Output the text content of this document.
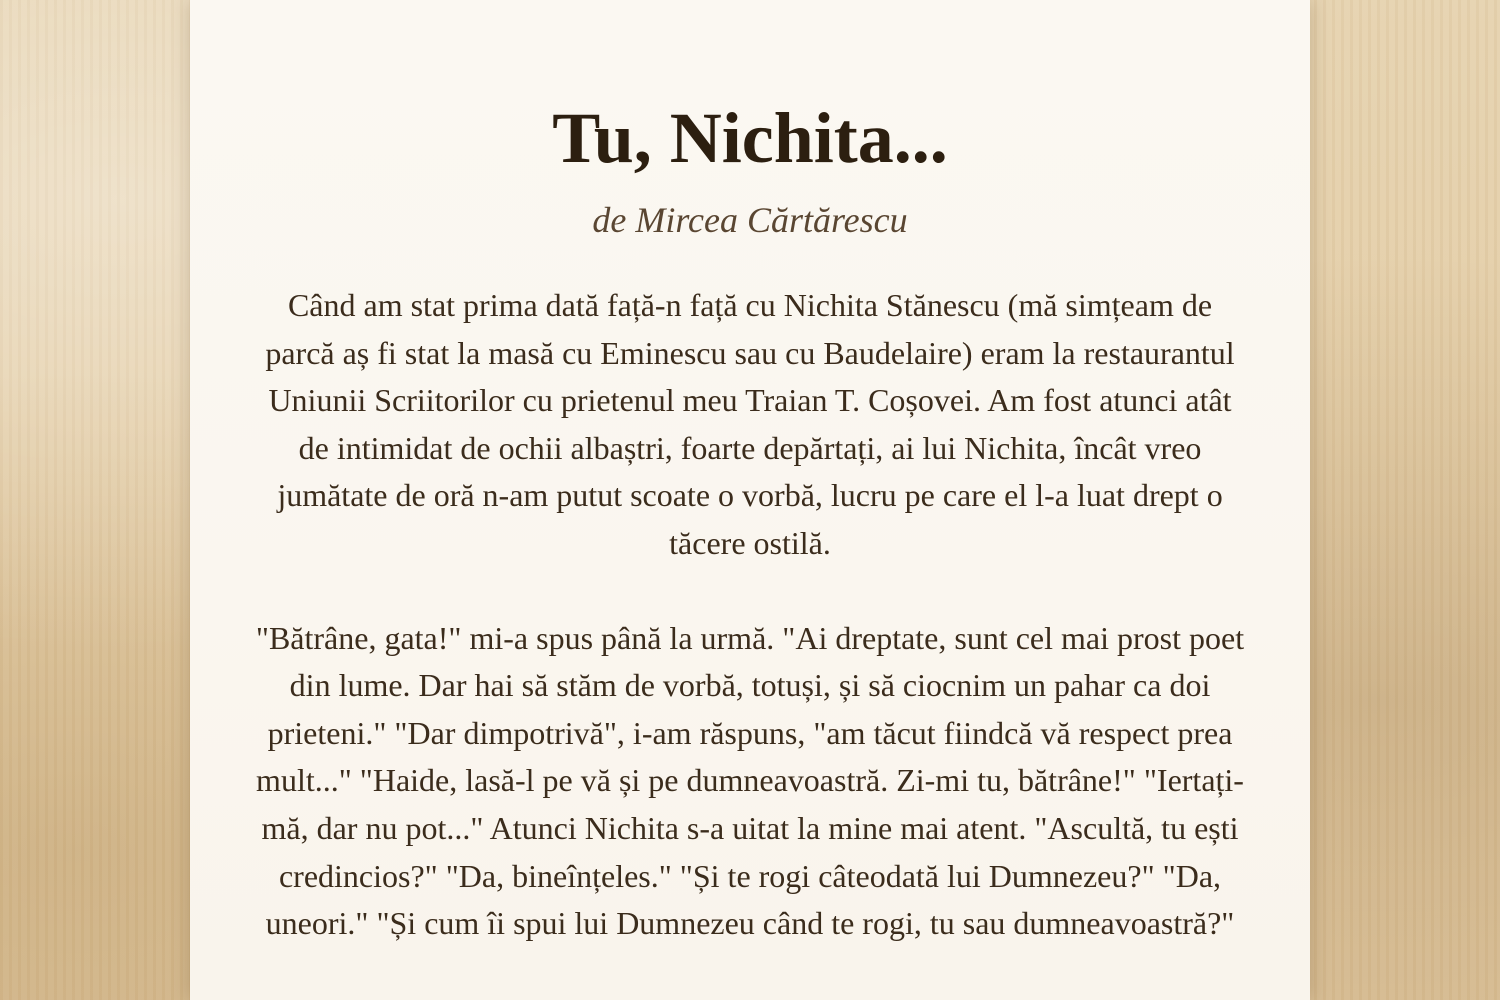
Tu, Nichita...
de Mircea Cărtărescu

Când am stat prima dată față-n față cu Nichita Stănescu (mă simțeam de parcă aș fi stat la masă cu Eminescu sau cu Baudelaire) eram la restaurantul Uniunii Scriitorilor cu prietenul meu Traian T. Coșovei. Am fost atunci atât de intimidat de ochii albaștri, foarte depărtați, ai lui Nichita, încât vreo jumătate de oră n-am putut scoate o vorbă, lucru pe care el l-a luat drept o tăcere ostilă.

"Bătrâne, gata!" mi-a spus până la urmă. "Ai dreptate, sunt cel mai prost poet din lume. Dar hai să stăm de vorbă, totuși, și să ciocnim un pahar ca doi prieteni." "Dar dimpotrivă", i-am răspuns, "am tăcut fiindcă vă respect prea mult..." "Haide, lasă-l pe vă și pe dumneavoastră. Zi-mi tu, bătrâne!" "Iertați-mă, dar nu pot..." Atunci Nichita s-a uitat la mine mai atent. "Ascultă, tu ești credincios?" "Da, bineînțeles." "Și te rogi câteodată lui Dumnezeu?" "Da, uneori." "Și cum îi spui lui Dumnezeu când te rogi, tu sau dumneavoastră?"
